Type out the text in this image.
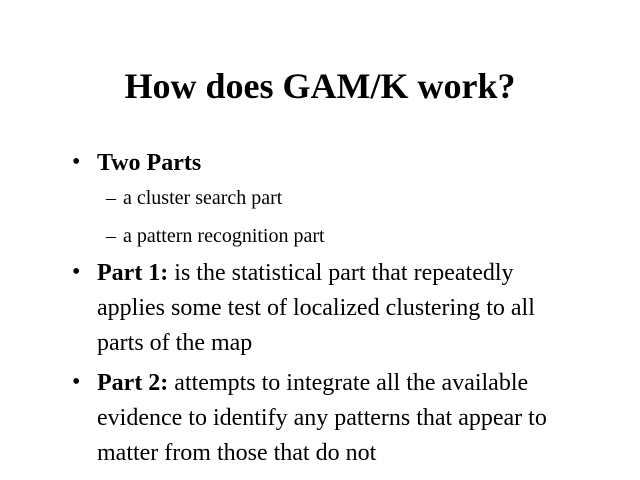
How does GAM/K work?
• Two Parts
– a cluster search part
– a pattern recognition part
• Part 1: is the statistical part that repeatedly applies some test of localized clustering to all parts of the map
• Part 2: attempts to integrate all the available evidence to identify any patterns that appear to matter from those that do not
